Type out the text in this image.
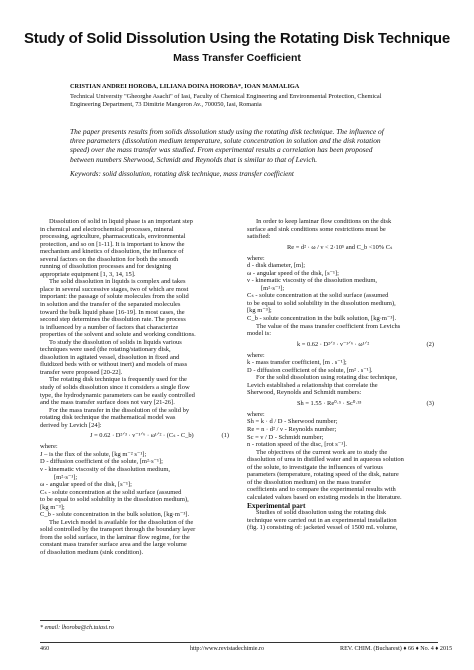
Study of Solid Dissolution Using the Rotating Disk Technique
Mass Transfer Coefficient
CRISTIAN ANDREI HOROBA, LILIANA DOINA HOROBA*, IOAN MAMALIGA
Technical University "Gheorghe Asachi" of Iasi, Faculty of Chemical Engineering and Environmental Protection, Chemical
Engineering Department, 73 Dimitrie Mangeron Av., 700050, Iasi, Romania
The paper presents results from solids dissolution study using the rotating disk technique. The influence of
three parameters (dissolution medium temperature, solute concentration in solution and the disk rotation
speed) over the mass transfer was studied. From experimental results a correlation has been proposed
between numbers Sherwood, Schmidt and Reynolds that is similar to that of Levich.
Keywords: solid dissolution, rotating disk technique, mass transfer coefficient

Dissolution of solid in liquid phase is an important step
in chemical and electrochemical processes, mineral
processing, agriculture, pharmaceuticals, environmental
protection, and so on [1-11]. It is important to know the
mechanism and kinetics of dissolution, the influence of
several factors on the dissolution for both the smooth
running of dissolution processes and for designing
appropriate equipment [1, 3, 14, 15].

The solid dissolution in liquids is complex and takes
place in several successive stages, two of which are most
important: the passage of solute molecules from the solid
in solution and the transfer of the separated molecules
toward the bulk liquid phase [16-19]. In most cases, the
second step determines the dissolution rate. The process
is influenced by a number of factors that characterize
properties of the solvent and solute and working conditions.

To study the dissolution of solids in liquids various
techniques were used (the rotating/stationary disk,
dissolution in agitated vessel, dissolution in fixed and
fluidized beds with or without inert) and models of mass
transfer were proposed [20-22].

The rotating disk technique is frequently used for the
study of solids dissolution since it considers a single flow
type, the hydrodynamic parameters can be easily controlled
and the mass transfer surface does not vary [21-26].

For the mass transfer in the dissolution of the solid by
rotating disk technique the mathematical model was
derived by Levich [24]:

J = 0.62 · D²ᐟ³ · ν⁻¹ᐟ⁶ · ω¹ᐟ² · (Cₛ - C_b)	(1)

where:

J – is the flux of the solute, [kg m⁻² s⁻¹];
D - diffusion coefficient of the solute, [m²·s⁻¹];
ν - kinematic viscosity of the dissolution medium,
[m²·s⁻¹];
ω - angular speed of the disk, [s⁻¹];
Cₛ - solute concentration at the solid surface (assumed
to be equal to solid solubility in the dissolution medium),
[kg m⁻³];
C_b - solute concentration in the bulk solution, [kg·m⁻³].

The Levich model is available for the dissolution of the
solid controlled by the transport through the boundary layer
from the solid surface, in the laminar flow regime, for the
constant mass transfer surface area and the large volume
of dissolution medium (sink condition).

In order to keep laminar flow conditions on the disk
surface and sink conditions some restrictions must be
satisfied:

Re = d² · ω / ν < 2·10⁵ and C_b <10% Cₛ

where:

d - disk diameter, [m];
ω - angular speed of the disk, [s⁻¹];
ν - kinematic viscosity of the dissolution medium,
[m²·s⁻¹];
Cₛ - solute concentration at the solid surface (assumed
to be equal to solid solubility in the dissolution medium),
[kg m⁻³];
C_b - solute concentration in the bulk solution, [kg·m⁻³].

The value of the mass transfer coefficient from Levichs
model is:

k = 0.62 · D²ᐟ³ · ν⁻¹ᐟ⁶ · ω¹ᐟ²	(2)

where:

k - mass transfer coefficient, [m . s⁻¹];
D - diffusion coefficient of the solute, [m² . s⁻¹].

For the solid dissolution using rotating disc technique,
Levich established a relationship that correlate the
Sherwood, Reynolds and Schmidt numbers:

Sh = 1.55 · Re⁰·⁵ · Sc⁰·³³	(3)

where:

Sh = k · d / D - Sherwood number;
Re = n · d² / ν - Reynolds number;
Sc = ν / D - Schmidt number;
n - rotation speed of the disc, [rot s⁻¹].

The objectives of the current work are to study the
dissolution of urea in distilled water and in aqueous solution
of the solute, to investigate the influences of various
parameters (temperature, rotating speed of the disk, nature
of the dissolution medium) on the mass transfer
coefficients and to compare the experimental results with
calculated values based on existing models in the literature.

Experimental part

Studies of solid dissolution using the rotating disk
technique were carried out in an experimental installation
(fig. 1) consisting of: jacketed vessel of 1500 mL volume,

* email: lhoroba@ch.tuiasi.ro
460	http://www.revistadechimie.ro	REV. CHIM. (Bucharest) ♦ 66 ♦ No. 4 ♦ 2015
